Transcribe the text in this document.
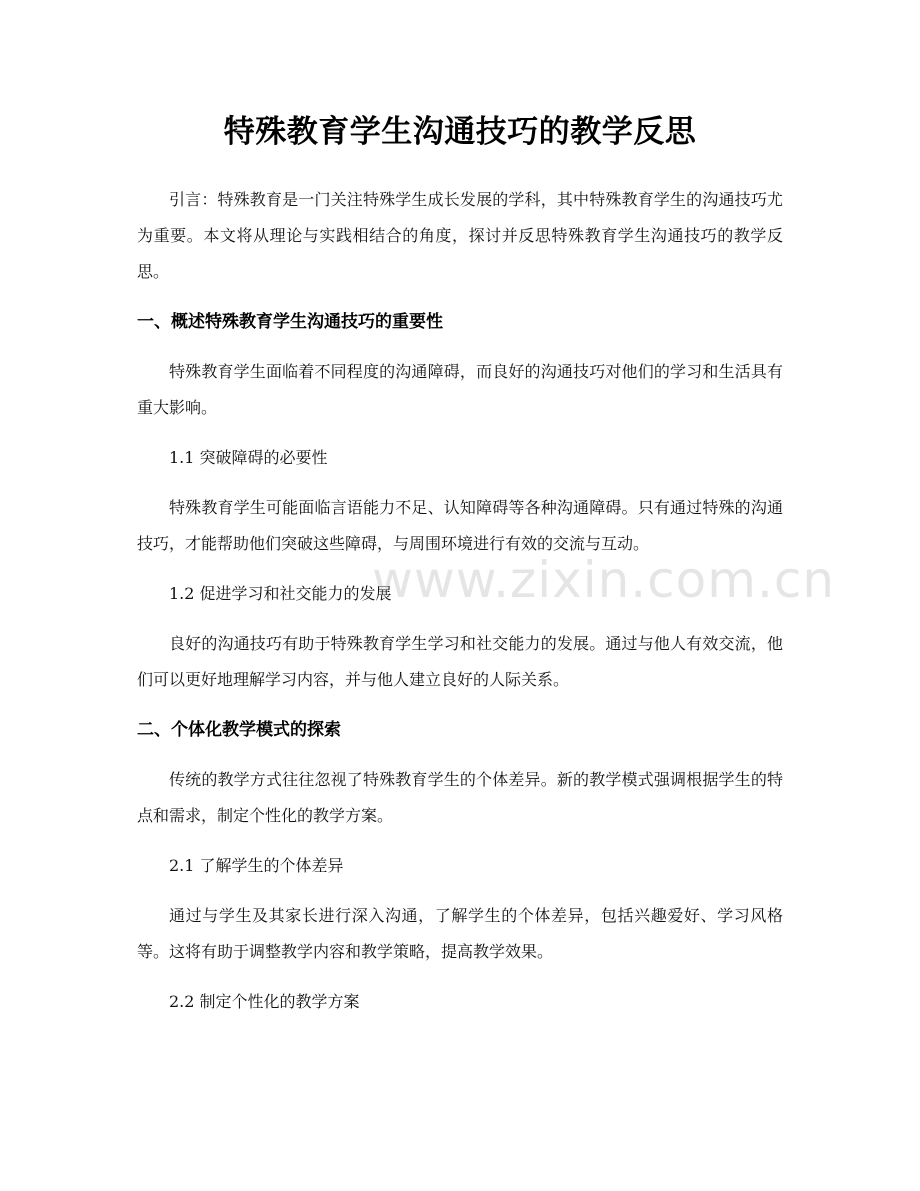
特殊教育学生沟通技巧的教学反思

引言：特殊教育是一门关注特殊学生成长发展的学科，其中特殊教育学生的沟通技巧尤为重要。本文将从理论与实践相结合的角度，探讨并反思特殊教育学生沟通技巧的教学反思。

一、概述特殊教育学生沟通技巧的重要性

特殊教育学生面临着不同程度的沟通障碍，而良好的沟通技巧对他们的学习和生活具有重大影响。

1.1 突破障碍的必要性

特殊教育学生可能面临言语能力不足、认知障碍等各种沟通障碍。只有通过特殊的沟通技巧，才能帮助他们突破这些障碍，与周围环境进行有效的交流与互动。

1.2 促进学习和社交能力的发展

良好的沟通技巧有助于特殊教育学生学习和社交能力的发展。通过与他人有效交流，他们可以更好地理解学习内容，并与他人建立良好的人际关系。

二、个体化教学模式的探索

传统的教学方式往往忽视了特殊教育学生的个体差异。新的教学模式强调根据学生的特点和需求，制定个性化的教学方案。

2.1 了解学生的个体差异

通过与学生及其家长进行深入沟通，了解学生的个体差异，包括兴趣爱好、学习风格等。这将有助于调整教学内容和教学策略，提高教学效果。

2.2 制定个性化的教学方案

www.zixin.com.cn
